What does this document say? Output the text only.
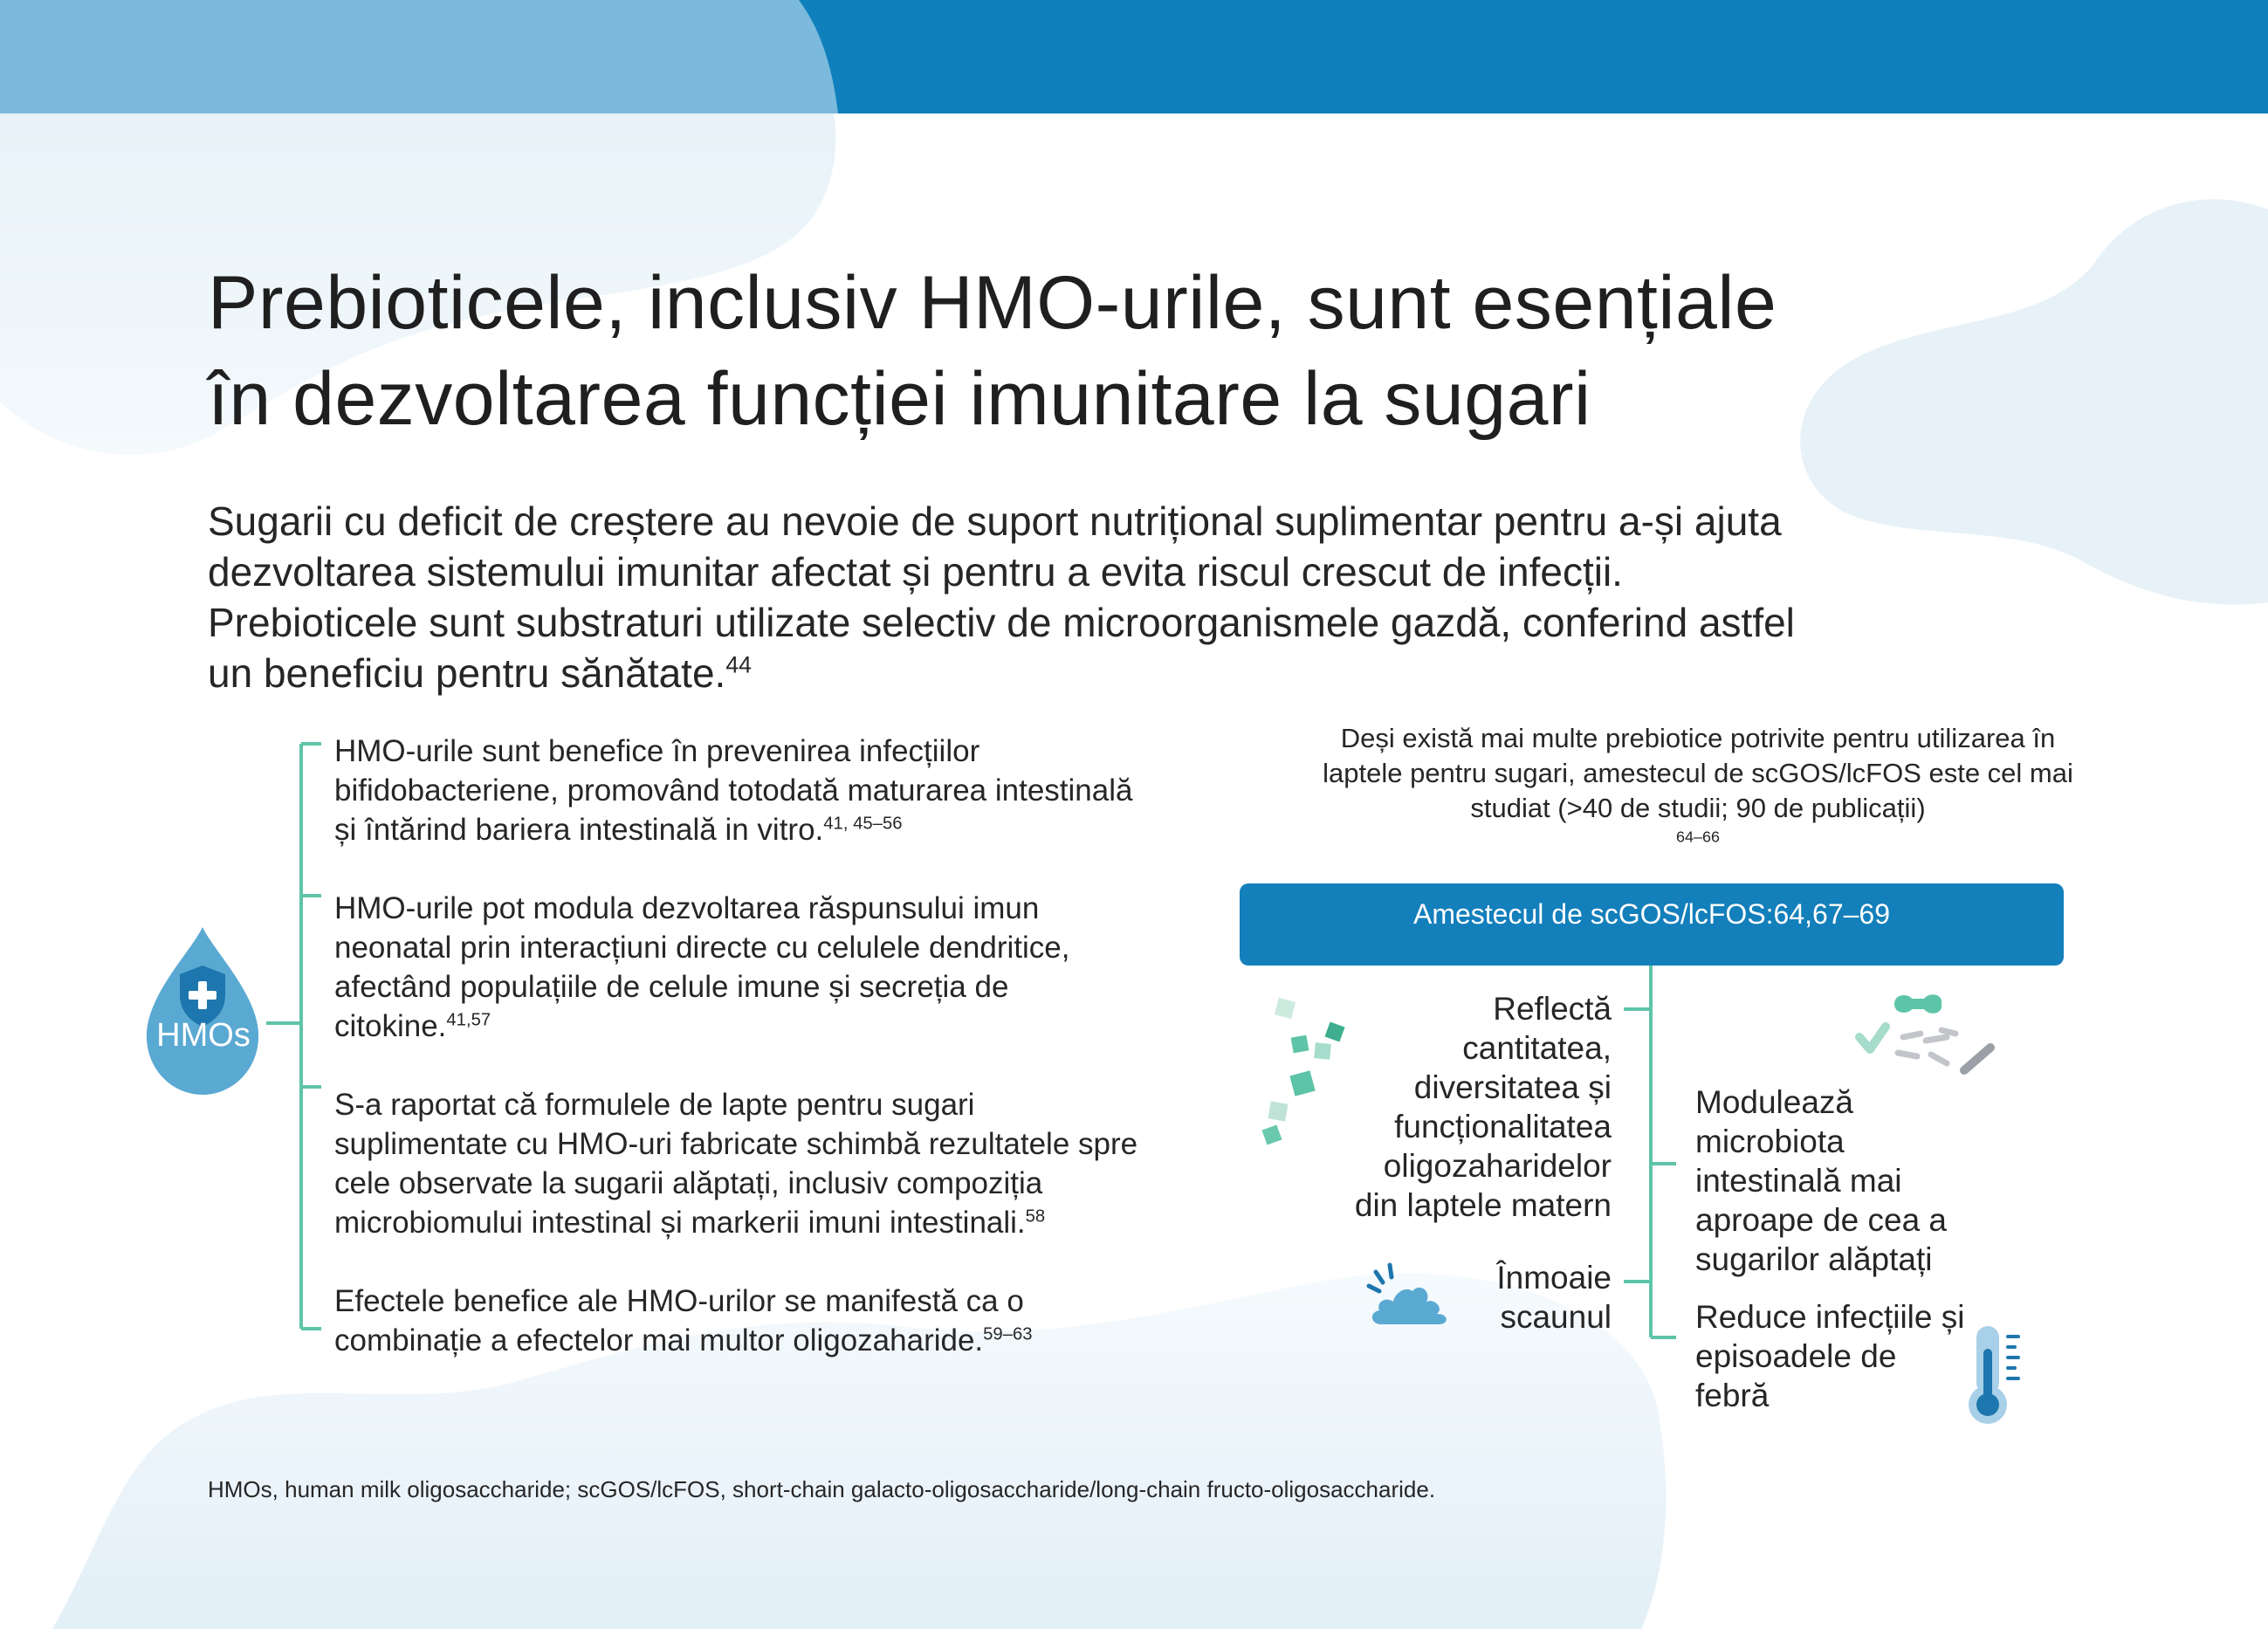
Prebioticele, inclusiv HMO-urile, sunt esențiale
în dezvoltarea funcției imunitare la sugari

Sugarii cu deficit de creștere au nevoie de suport nutrițional suplimentar pentru a-și ajuta
dezvoltarea sistemului imunitar afectat și pentru a evita riscul crescut de infecții.
Prebioticele sunt substraturi utilizate selectiv de microorganismele gazdă, conferind astfel
un beneficiu pentru sănătate.$^{44}$

HMOs
HMO-urile sunt benefice în prevenirea infecțiilor
bifidobacteriene, promovând totodată maturarea intestinală
și întărind bariera intestinală in vitro.$^{41, 45-56}$
HMO-urile pot modula dezvoltarea răspunsului imun
neonatal prin interacțiuni directe cu celulele dendritice,
afectând populațiile de celule imune și secreția de
citokine.$^{41,57}$
S-a raportat că formulele de lapte pentru sugari
suplimentate cu HMO-uri fabricate schimbă rezultatele spre
cele observate la sugarii alăptați, inclusiv compoziția
microbiomului intestinal și markerii imuni intestinali.$^{58}$
Efectele benefice ale HMO-urilor se manifestă ca o
combinație a efectelor mai multor oligozaharide.$^{59-63}$
Deși există mai multe prebiotice potrivite pentru utilizarea în
laptele pentru sugari, amestecul de scGOS/lcFOS este cel mai
studiat (>40 de studii; 90 de publicații)
$^{64-66}$
Amestecul de scGOS/lcFOS:64,67–69
Reflectă
cantitatea,
diversitatea și
funcționalitatea
oligozaharidelor
din laptele matern
Înmoaie
scaunul
Modulează
microbiota
intestinală mai
aproape de cea a
sugarilor alăptați
Reduce infecțiile și
episoadele de
febră
HMOs, human milk oligosaccharide; scGOS/lcFOS, short-chain galacto-oligosaccharide/long-chain fructo-oligosaccharide.
